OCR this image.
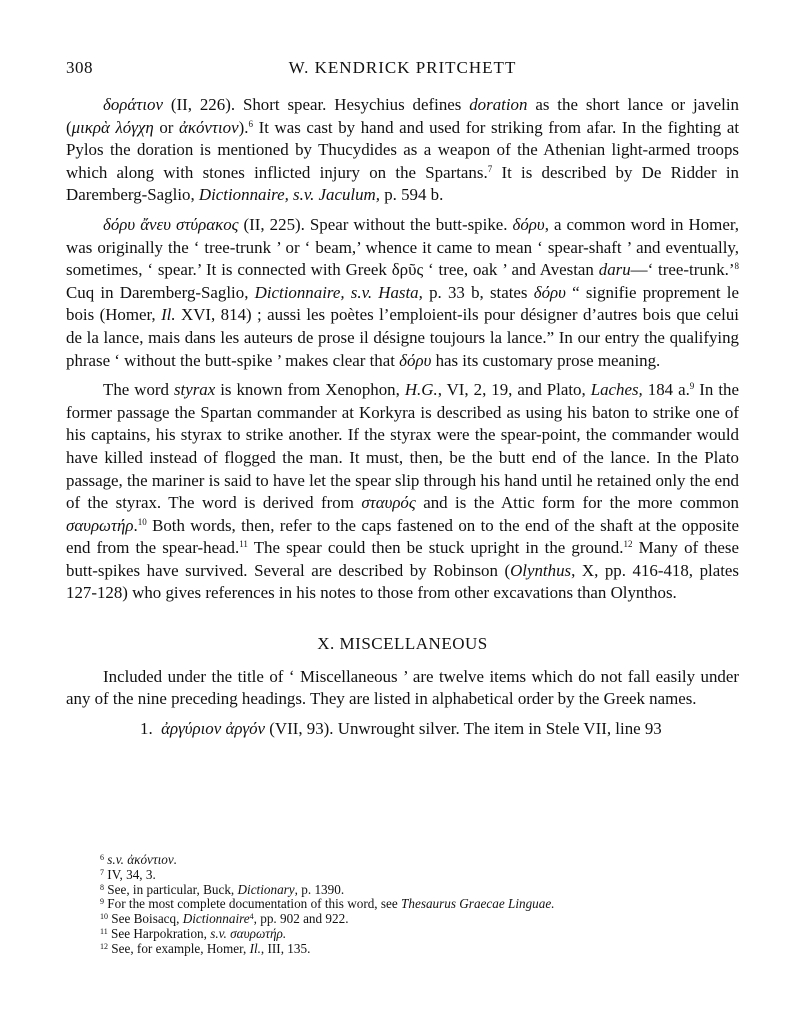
308	W. KENDRICK PRITCHETT

δοράτιον (II, 226). Short spear. Hesychius defines doration as the short lance or javelin (μικρὰ λόγχη or ἀκόντιον).$^6$ It was cast by hand and used for striking from afar. In the fighting at Pylos the doration is mentioned by Thucydides as a weapon of the Athenian light-armed troops which along with stones inflicted injury on the Spartans.$^7$ It is described by De Ridder in Daremberg-Saglio, Dictionnaire, s.v. Jaculum, p. 594 b.

δόρυ ἄνευ στύρακος (II, 225). Spear without the butt-spike. δόρυ, a common word in Homer, was originally the ‘ tree-trunk ’ or ‘ beam,’ whence it came to mean ‘ spear-shaft ’ and eventually, sometimes, ‘ spear.’ It is connected with Greek δρῦς ‘ tree, oak ’ and Avestan daru—‘ tree-trunk.’$^8$ Cuq in Daremberg-Saglio, Dictionnaire, s.v. Hasta, p. 33 b, states δόρυ “ signifie proprement le bois (Homer, Il. XVI, 814) ; aussi les poètes l’emploient-ils pour désigner d’autres bois que celui de la lance, mais dans les auteurs de prose il désigne toujours la lance.” In our entry the qualifying phrase ‘ without the butt-spike ’ makes clear that δόρυ has its customary prose meaning.

The word styrax is known from Xenophon, H.G., VI, 2, 19, and Plato, Laches, 184 a.$^9$ In the former passage the Spartan commander at Korkyra is described as using his baton to strike one of his captains, his styrax to strike another. If the styrax were the spear-point, the commander would have killed instead of flogged the man. It must, then, be the butt end of the lance. In the Plato passage, the mariner is said to have let the spear slip through his hand until he retained only the end of the styrax. The word is derived from σταυρός and is the Attic form for the more common σαυρωτήρ.$^{10}$ Both words, then, refer to the caps fastened on to the end of the shaft at the opposite end from the spear-head.$^{11}$ The spear could then be stuck upright in the ground.$^{12}$ Many of these butt-spikes have survived. Several are described by Robinson (Olynthus, X, pp. 416-418, plates 127-128) who gives references in his notes to those from other excavations than Olynthos.

X. MISCELLANEOUS

Included under the title of ‘ Miscellaneous ’ are twelve items which do not fall easily under any of the nine preceding headings. They are listed in alphabetical order by the Greek names.

1. ἀργύριον ἀργόν (VII, 93). Unwrought silver. The item in Stele VII, line 93

$^6$ s.v. ἀκόντιον.
$^7$ IV, 34, 3.
$^8$ See, in particular, Buck, Dictionary, p. 1390.
$^9$ For the most complete documentation of this word, see Thesaurus Graecae Linguae.
$^{10}$ See Boisacq, Dictionnaire$^4$, pp. 902 and 922.
$^{11}$ See Harpokration, s.v. σαυρωτήρ.
$^{12}$ See, for example, Homer, Il., III, 135.
